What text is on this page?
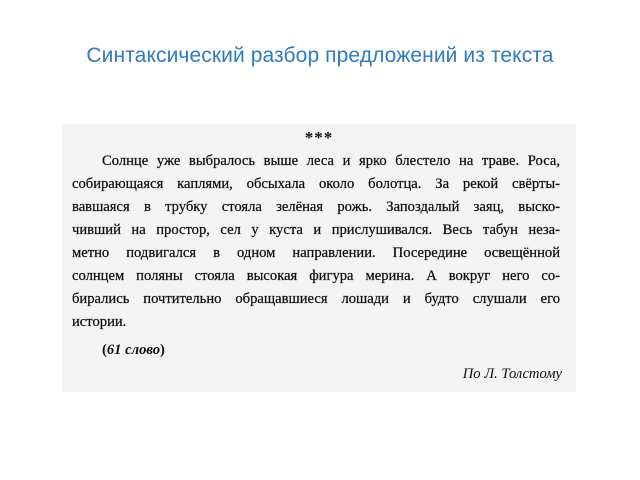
Синтаксический разбор предложений из текста
***
Солнце уже выбралось выше леса и ярко блестело на траве. Роса,
собирающаяся каплями, обсыхала около болотца. За рекой свёрты-
вавшаяся в трубку стояла зелёная рожь. Запоздалый заяц, выско-
чивший на простор, сел у куста и прислушивался. Весь табун неза-
метно подвигался в одном направлении. Посередине освещённой
солнцем поляны стояла высокая фигура мерина. А вокруг него со-
бирались почтительно обращавшиеся лошади и будто слушали его
истории.
(61 слово)
По Л. Толстому
